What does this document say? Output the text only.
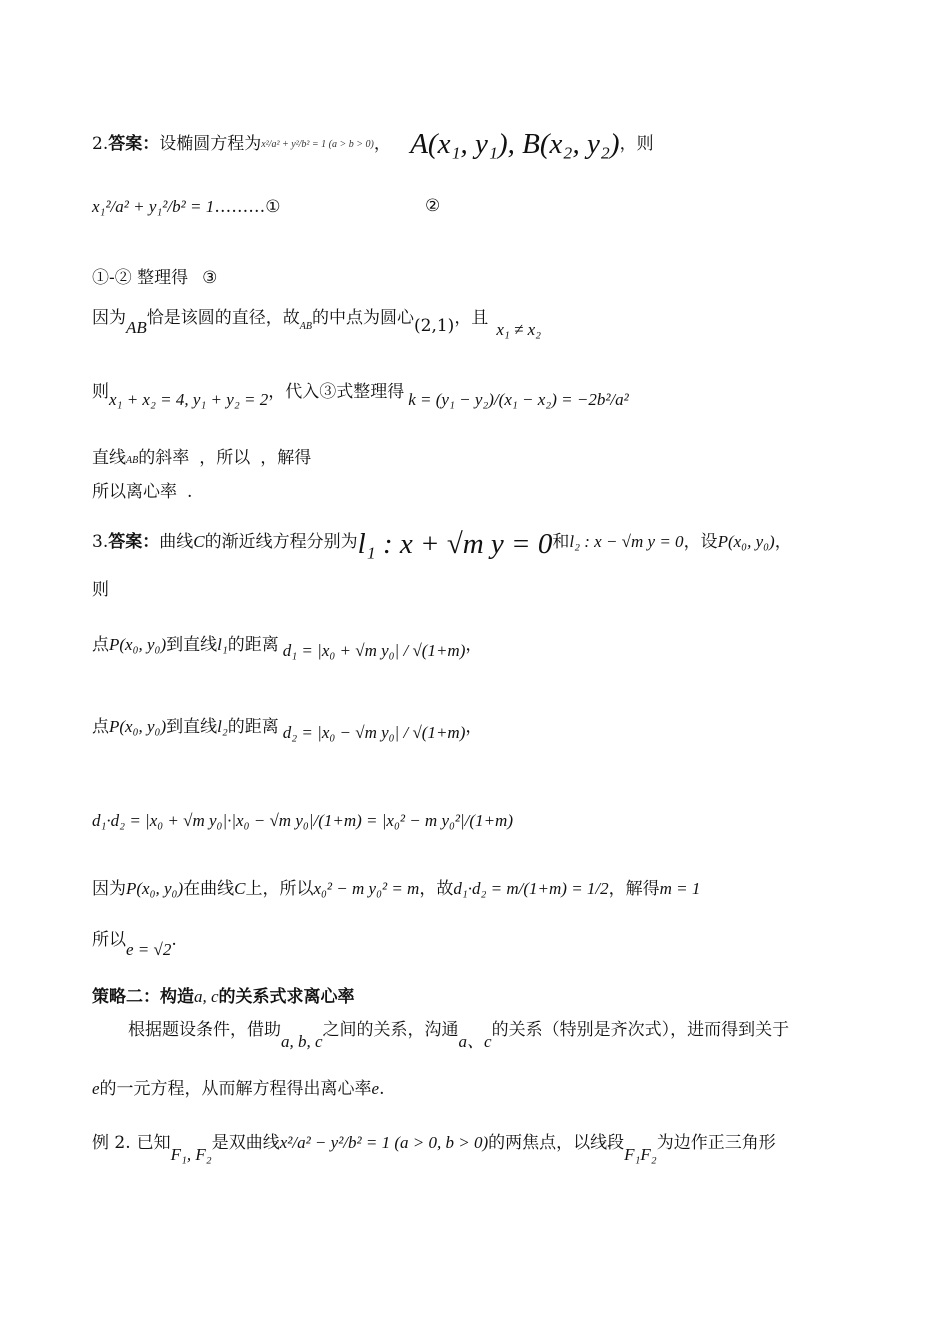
2.答案：设椭圆方程为x²/a² + y²/b² = 1 (a > b > 0)， A(x₁, y₁), B(x₂, y₂)，则
x₁²/a² + y₁²/b² = 1………①	②
①-② 整理得 ③
因为AB恰是该圆的直径，故$_{AB}$的中点为圆心(2,1)，且x₁ ≠ x₂
则x₁ + x₂ = 4, y₁ + y₂ = 2，代入③式整理得 k = (y₁ − y₂)/(x₁ − x₂) = −2b²/a²
直线AB的斜率 ，所以 ，解得
所以离心率 .
3.答案：曲线C的渐近线方程分别为l₁ : x + √m y = 0和l₂ : x − √m y = 0，设P(x₀, y₀)，
则
点P(x₀, y₀)到直线l₁的距离 d₁ = |x₀ + √m y₀| / √(1+m)，
点P(x₀, y₀)到直线l₂的距离 d₂ = |x₀ − √m y₀| / √(1+m)，
d₁·d₂ = |x₀ + √m y₀|·|x₀ − √m y₀|/(1+m) = |x₀² − m y₀²|/(1+m)
因为P(x₀, y₀)在曲线C上，所以x₀² − m y₀² = m，故d₁·d₂ = m/(1+m) = 1/2，解得m = 1
所以e = √2.
策略二：构造a, c的关系式求离心率
根据题设条件，借助a, b, c之间的关系，沟通a、c的关系（特别是齐次式），进而得到关于
e的一元方程，从而解方程得出离心率e.
例 2. 已知F₁, F₂是双曲线x²/a² − y²/b² = 1 (a > 0, b > 0)的两焦点，以线段F₁F₂为边作正三角形
